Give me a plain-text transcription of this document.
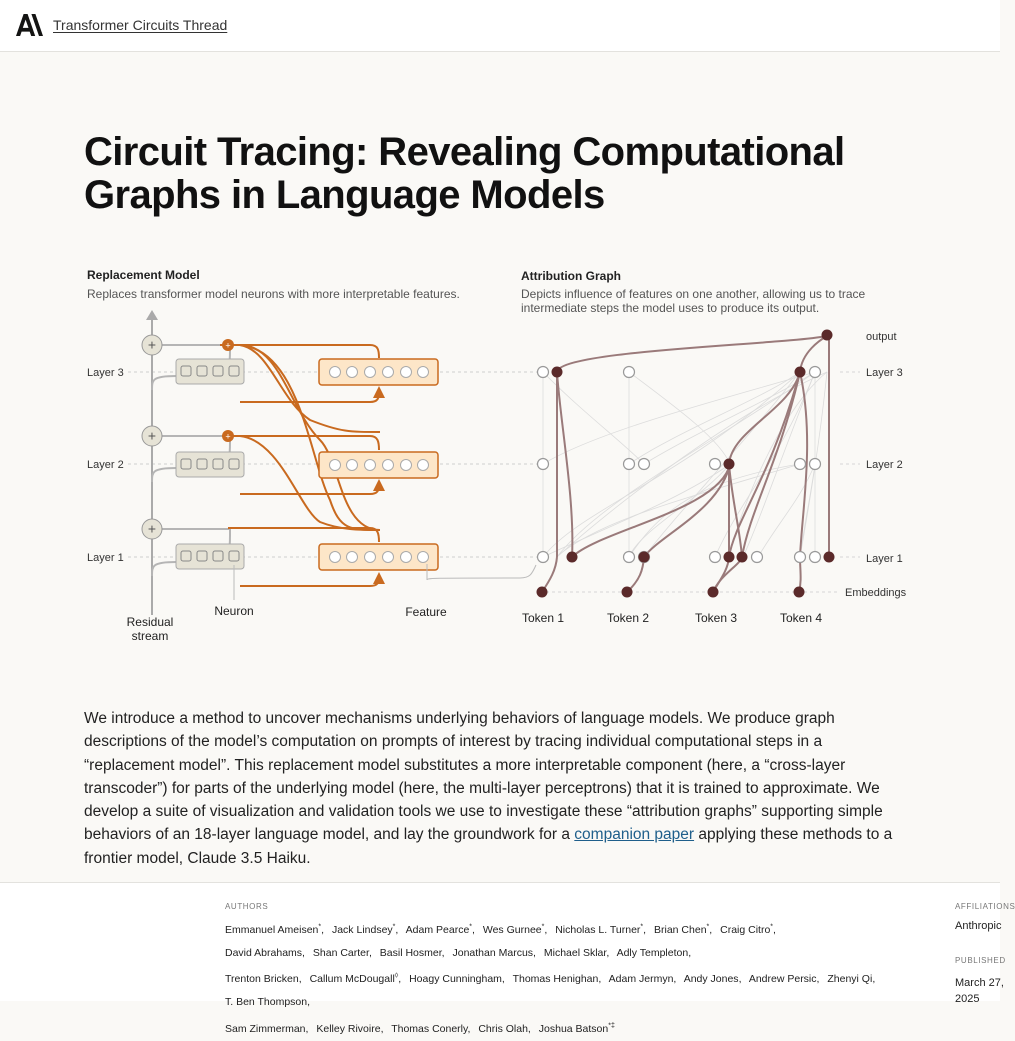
Transformer Circuits Thread
Circuit Tracing: Revealing Computational Graphs in Language Models
Replacement Model
Replaces transformer model neurons with more interpretable features.
Layer 3
Layer 2
Layer 1
+
+
+
+
+
Neuron	Feature
Residual
stream
Attribution Graph
Depicts influence of features on one another, allowing us to trace
intermediate steps the model uses to produce its output.
output
Layer 3
Layer 2
Layer 1
Embeddings
Token 1	Token 2	Token 3	Token 4

We introduce a method to uncover mechanisms underlying behaviors of language models. We produce graph descriptions of the model’s computation on prompts of interest by tracing individual computational steps in a “replacement model”. This replacement model substitutes a more interpretable component (here, a “cross-layer transcoder”) for parts of the underlying model (here, the multi-layer perceptrons) that it is trained to approximate. We develop a suite of visualization and validation tools we use to investigate these “attribution graphs” supporting simple behaviors of an 18-layer language model, and lay the groundwork for a companion paper applying these methods to a frontier model, Claude 3.5 Haiku.

AUTHORS	AFFILIATIONS
PUBLISHED
Emmanuel Ameisen*, Jack Lindsey*, Adam Pearce*, Wes Gurnee*, Nicholas L. Turner*, Brian Chen*, Craig Citro*,
David Abrahams, Shan Carter, Basil Hosmer, Jonathan Marcus, Michael Sklar, Adly Templeton,
Trenton Bricken, Callum McDougall◊, Hoagy Cunningham, Thomas Henighan, Adam Jermyn, Andy Jones, Andrew Persic, Zhenyi Qi, T. Ben Thompson,
Sam Zimmerman, Kelley Rivoire, Thomas Conerly, Chris Olah, Joshua Batson*‡
Anthropic
March 27,
2025
